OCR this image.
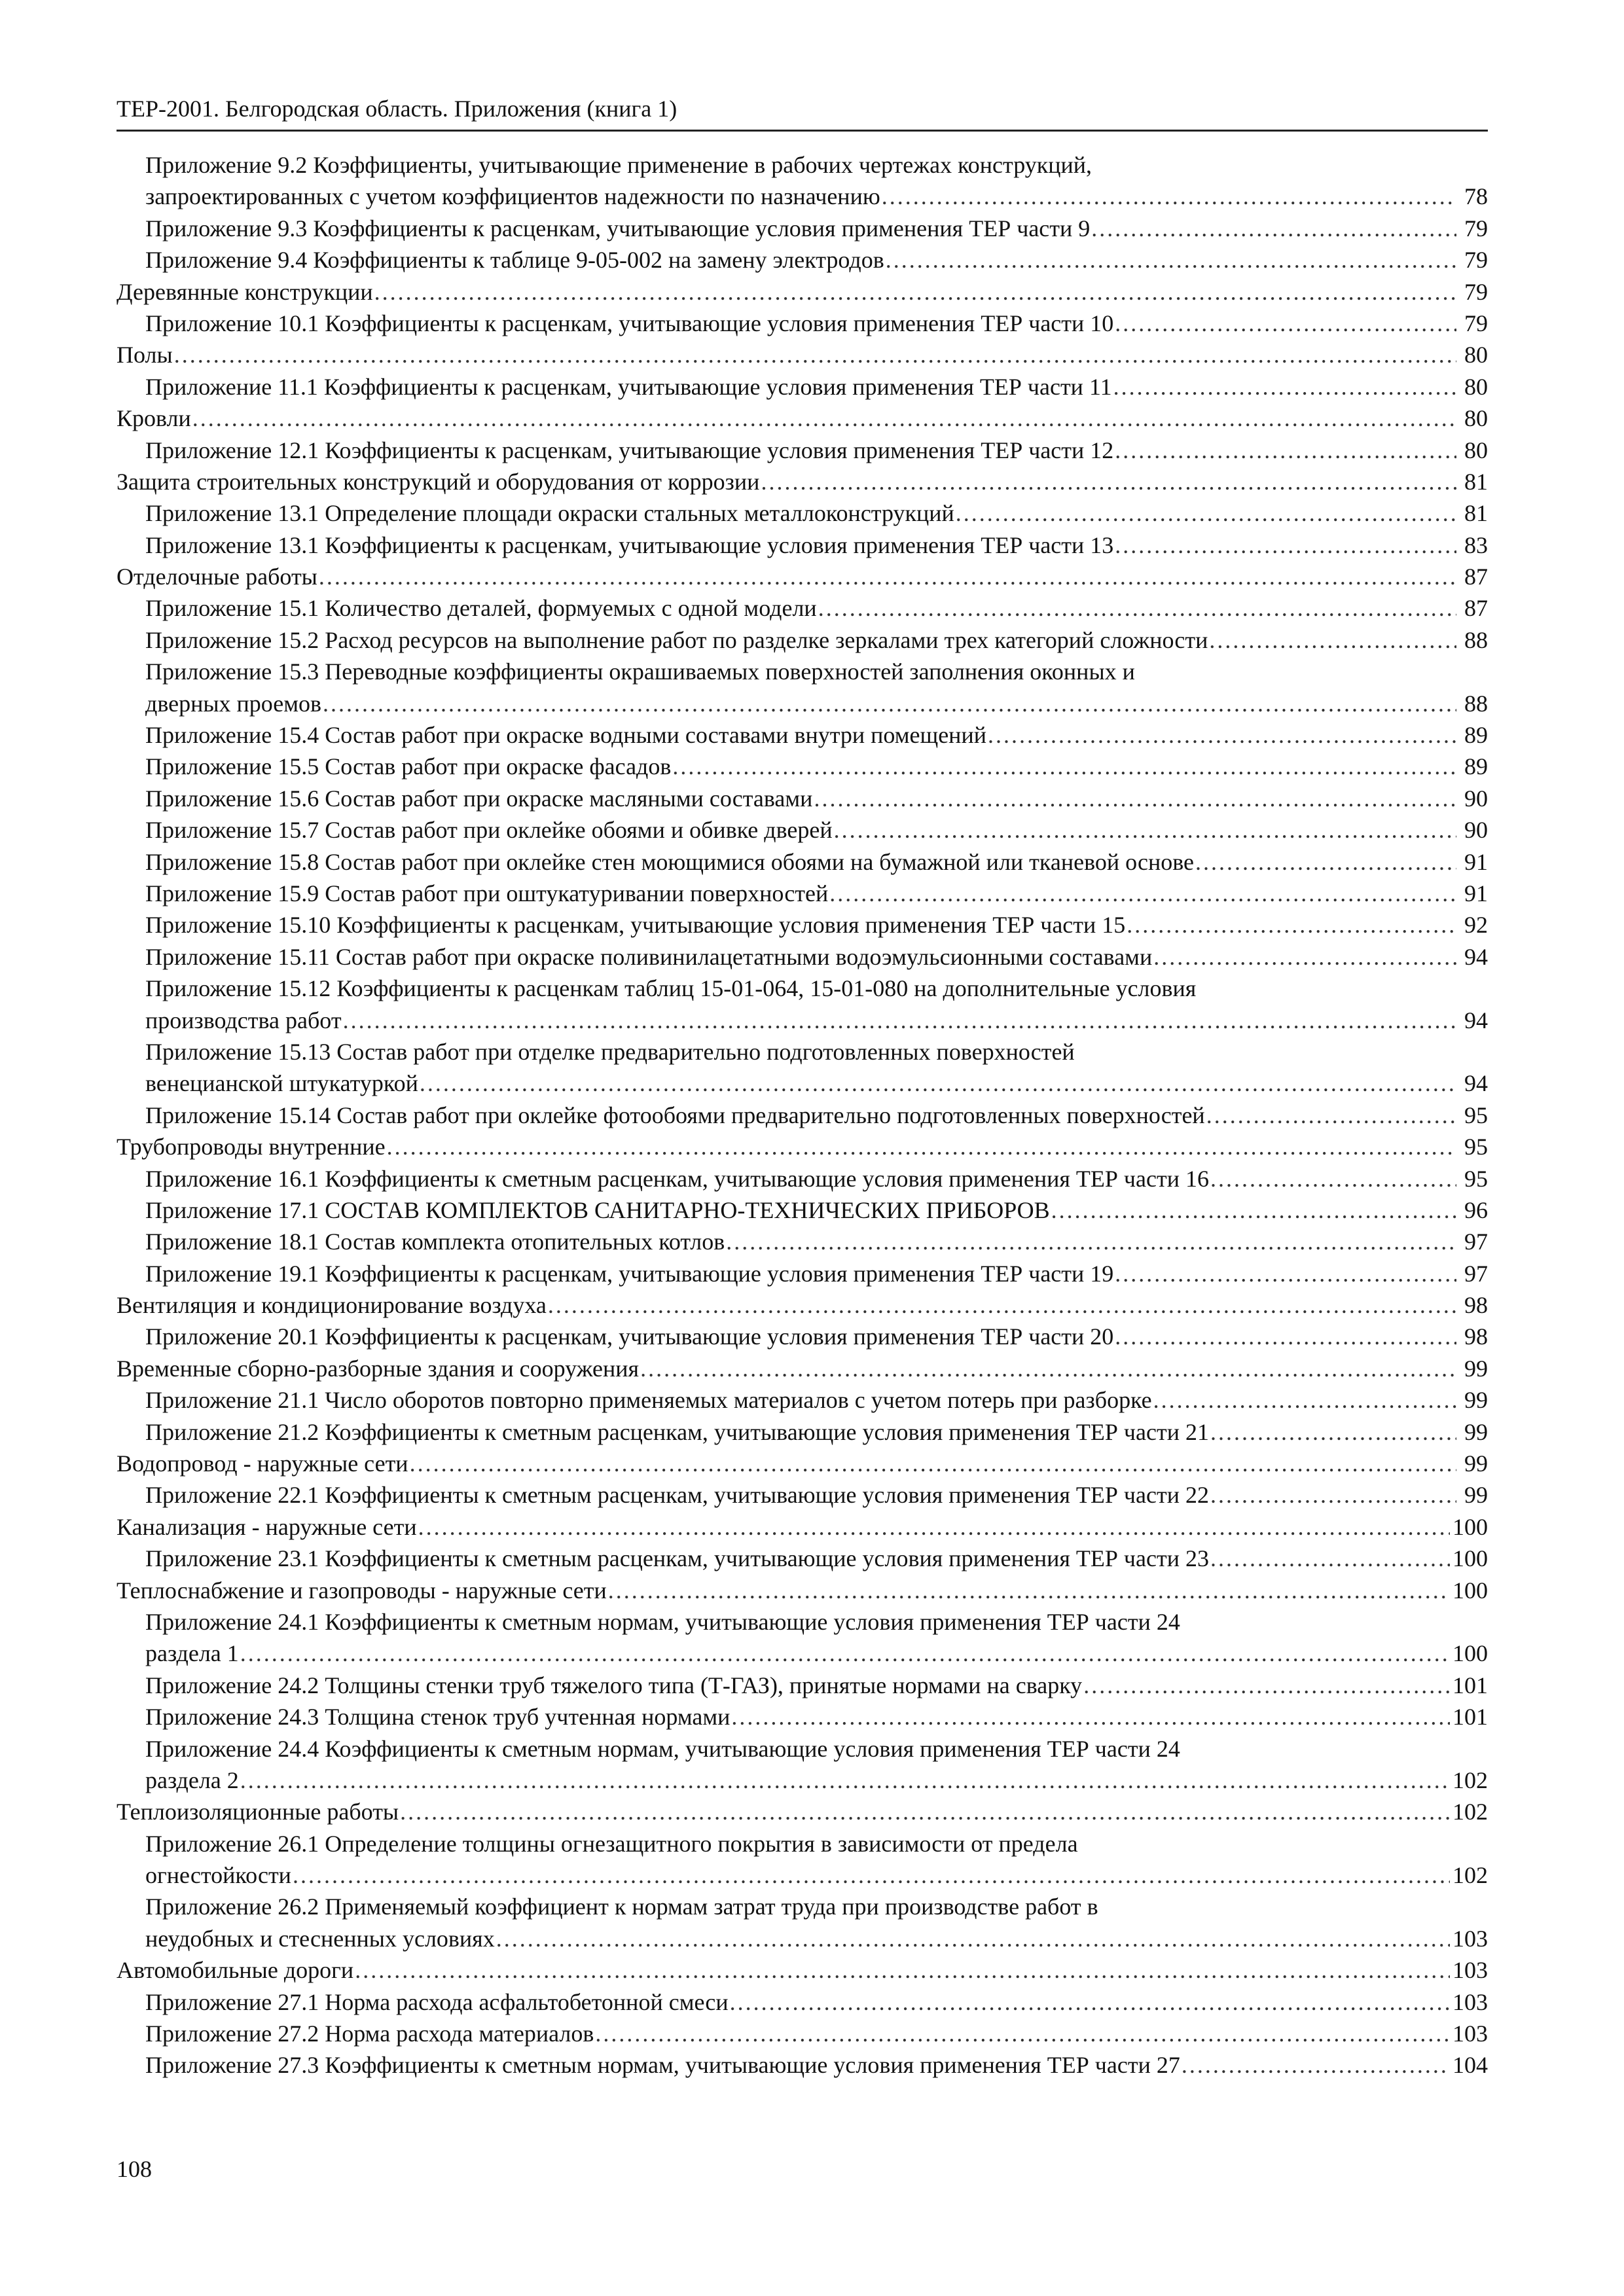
ТЕР-2001. Белгородская область. Приложения (книга 1)
Приложение 9.2 Коэффициенты, учитывающие применение в рабочих чертежах конструкций,
запроектированных с учетом коэффициентов надежности по назначению .....	78
Приложение 9.3 Коэффициенты к расценкам, учитывающие условия применения ТЕР части 9 .....	79
Приложение 9.4 Коэффициенты к таблице 9-05-002 на замену электродов .....	79
Деревянные конструкции .....	79
Приложение 10.1 Коэффициенты к расценкам, учитывающие условия применения ТЕР части 10 .....	79
Полы .....	80
Приложение 11.1 Коэффициенты к расценкам, учитывающие условия применения ТЕР части 11 .....	80
Кровли .....	80
Приложение 12.1 Коэффициенты к расценкам, учитывающие условия применения ТЕР части 12 .....	80
Защита строительных конструкций и оборудования от коррозии .....	81
Приложение 13.1 Определение площади окраски стальных металлоконструкций .....	81
Приложение 13.1 Коэффициенты к расценкам, учитывающие условия применения ТЕР части 13 .....	83
Отделочные работы .....	87
Приложение 15.1 Количество деталей, формуемых с одной модели .....	87
Приложение 15.2 Расход ресурсов на выполнение работ по разделке зеркалами трех категорий сложности .....	88
Приложение 15.3 Переводные коэффициенты окрашиваемых поверхностей заполнения оконных и
дверных проемов .....	88
Приложение 15.4 Состав работ при окраске водными составами внутри помещений .....	89
Приложение 15.5 Состав работ при окраске фасадов .....	89
Приложение 15.6 Состав работ при окраске масляными составами .....	90
Приложение 15.7 Состав работ при оклейке обоями и обивке дверей .....	90
Приложение 15.8 Состав работ при оклейке стен моющимися обоями на бумажной или тканевой основе .....	91
Приложение 15.9 Состав работ при оштукатуривании поверхностей .....	91
Приложение 15.10 Коэффициенты к расценкам, учитывающие условия применения ТЕР части 15 .....	92
Приложение 15.11 Состав работ при окраске поливинилацетатными водоэмульсионными составами .....	94
Приложение 15.12 Коэффициенты к расценкам таблиц 15-01-064, 15-01-080 на дополнительные условия
производства работ .....	94
Приложение 15.13 Состав работ при отделке предварительно подготовленных поверхностей
венецианской штукатуркой .....	94
Приложение 15.14 Состав работ при оклейке фотообоями предварительно подготовленных поверхностей .....	95
Трубопроводы внутренние .....	95
Приложение 16.1 Коэффициенты к сметным расценкам, учитывающие условия применения ТЕР части 16 .....	95
Приложение 17.1 СОСТАВ КОМПЛЕКТОВ САНИТАРНО-ТЕХНИЧЕСКИХ ПРИБОРОВ .....	96
Приложение 18.1 Состав комплекта отопительных котлов .....	97
Приложение 19.1 Коэффициенты к расценкам, учитывающие условия применения ТЕР части 19 .....	97
Вентиляция и кондиционирование воздуха .....	98
Приложение 20.1 Коэффициенты к расценкам, учитывающие условия применения ТЕР части 20 .....	98
Временные сборно-разборные здания и сооружения .....	99
Приложение 21.1 Число оборотов повторно применяемых материалов с учетом потерь при разборке .....	99
Приложение 21.2 Коэффициенты к сметным расценкам, учитывающие условия применения ТЕР части 21 .....	99
Водопровод - наружные сети .....	99
Приложение 22.1 Коэффициенты к сметным расценкам, учитывающие условия применения ТЕР части 22 .....	99
Канализация - наружные сети .....	100
Приложение 23.1 Коэффициенты к сметным расценкам, учитывающие условия применения ТЕР части 23 .....	100
Теплоснабжение и газопроводы - наружные сети .....	100
Приложение 24.1 Коэффициенты к сметным нормам, учитывающие условия применения ТЕР части 24
раздела 1 .....	100
Приложение 24.2 Толщины стенки труб тяжелого типа (Т-ГАЗ), принятые нормами на сварку .....	101
Приложение 24.3 Толщина стенок труб учтенная нормами .....	101
Приложение 24.4 Коэффициенты к сметным нормам, учитывающие условия применения ТЕР части 24
раздела 2 .....	102
Теплоизоляционные работы .....	102
Приложение 26.1 Определение толщины огнезащитного покрытия в зависимости от предела
огнестойкости .....	102
Приложение 26.2 Применяемый коэффициент к нормам затрат труда при производстве работ в
неудобных и стесненных условиях .....	103
Автомобильные дороги .....	103
Приложение 27.1 Норма расхода асфальтобетонной смеси .....	103
Приложение 27.2 Норма расхода материалов .....	103
Приложение 27.3 Коэффициенты к сметным нормам, учитывающие условия применения ТЕР части 27 .....	104
108
